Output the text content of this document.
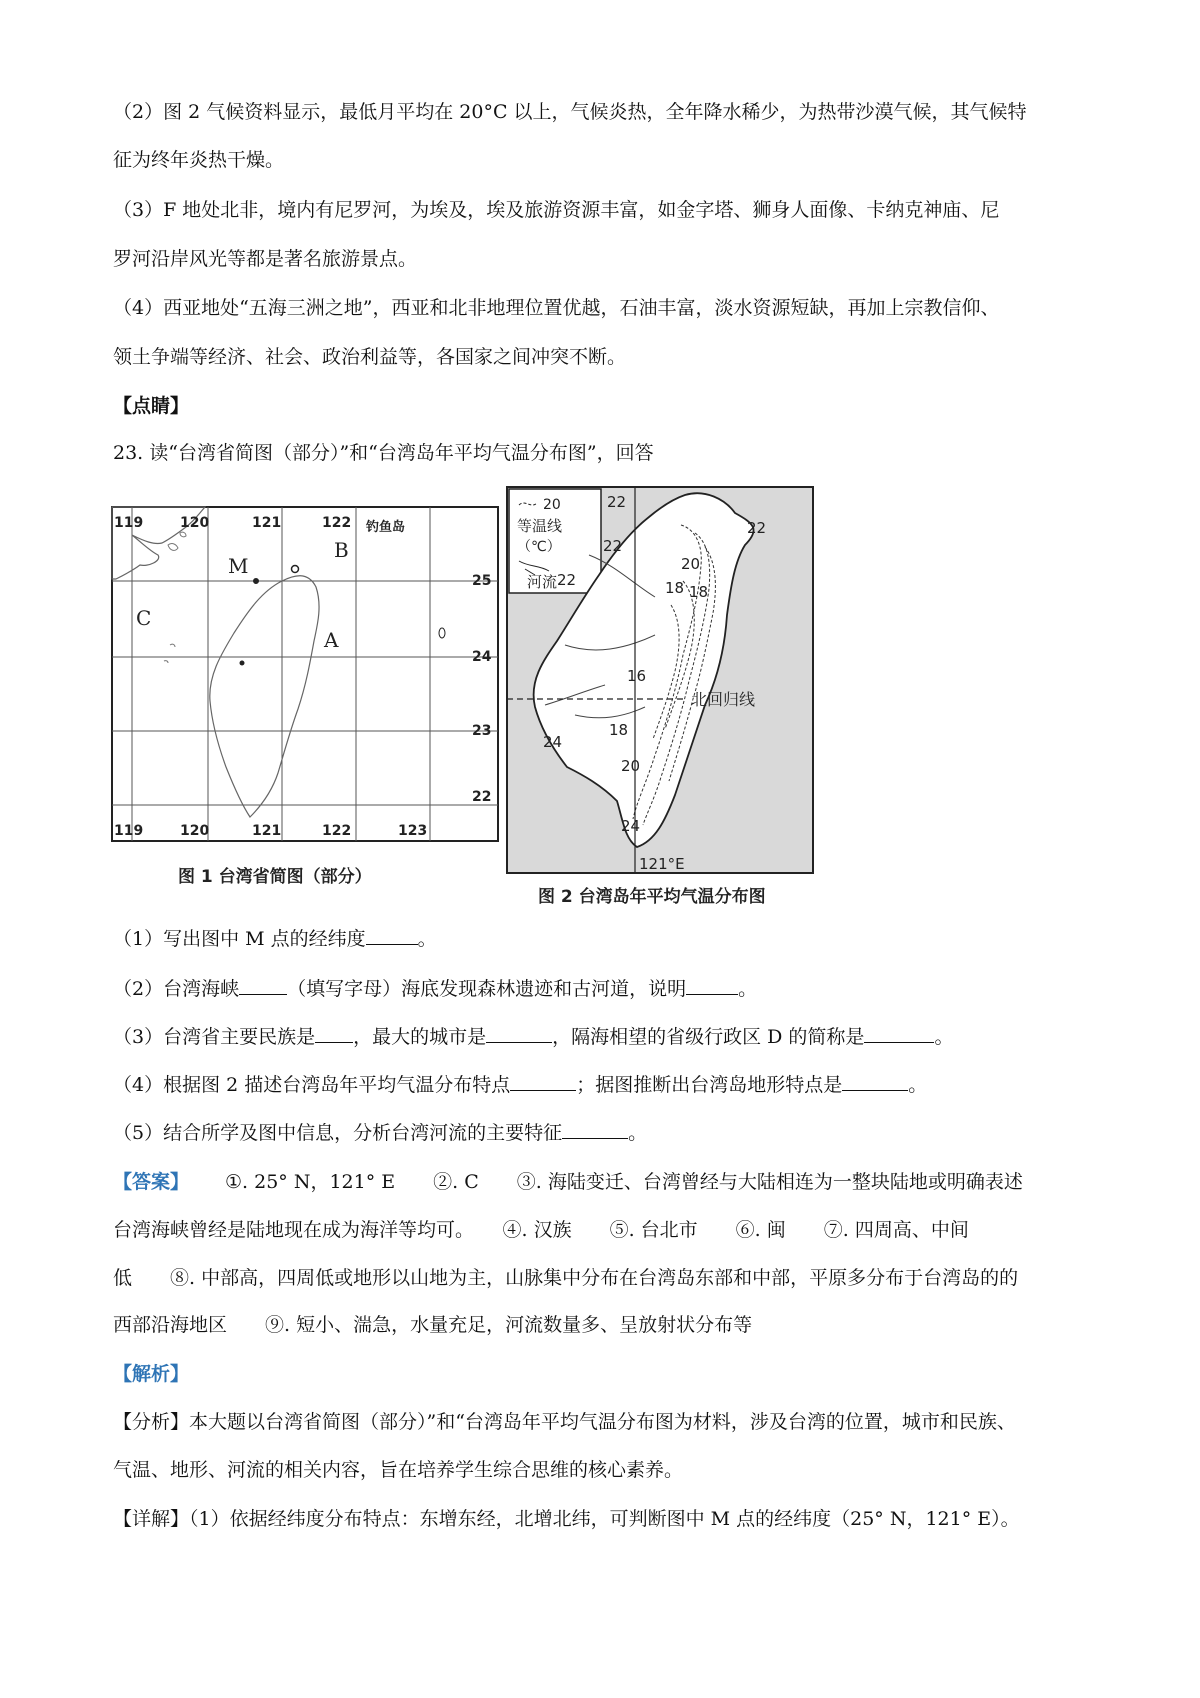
（2）图 2 气候资料显示，最低月平均在 20°C 以上，气候炎热，全年降水稀少，为热带沙漠气候，其气候特
征为终年炎热干燥。
（3）F 地处北非，境内有尼罗河，为埃及，埃及旅游资源丰富，如金字塔、狮身人面像、卡纳克神庙、尼
罗河沿岸风光等都是著名旅游景点。
（4）西亚地处“五海三洲之地”，西亚和北非地理位置优越，石油丰富，淡水资源短缺，再加上宗教信仰、
领土争端等经济、社会、政治利益等，各国家之间冲突不断。
【点睛】
23. 读“台湾省简图（部分）”和“台湾岛年平均气温分布图”，回答
119	120	121	122
119	120	121	122	123
25
24
23
22
钓鱼岛
M
B
C
A
图 1 台湾省简图（部分）
20
等温线
（℃）
河流
北回归线
121°E
22
22
22
22
20
18 18
16
18
20
24
24
图 2 台湾岛年平均气温分布图
（1）写出图中 M 点的经纬度	。
（2）台湾海峡	（填写字母）海底发现森林遗迹和古河道，说明	。
（3）台湾省主要民族是 ，最大的城市是	，隔海相望的省级行政区 D 的简称是	。
（4）根据图 2 描述台湾岛年平均气温分布特点	；据图推断出台湾岛地形特点是	。
（5）结合所学及图中信息，分析台湾河流的主要特征	。
【答案】 ①. 25° N，121° E　　②. C　　③. 海陆变迁、台湾曾经与大陆相连为一整块陆地或明确表述
台湾海峡曾经是陆地现在成为海洋等均可。　　④. 汉族　　⑤. 台北市　　⑥. 闽　　⑦. 四周高、中间
低　　⑧. 中部高，四周低或地形以山地为主，山脉集中分布在台湾岛东部和中部，平原多分布于台湾岛的的
西部沿海地区　　⑨. 短小、湍急，水量充足，河流数量多、呈放射状分布等
【解析】
【分析】本大题以台湾省简图（部分）”和“台湾岛年平均气温分布图为材料，涉及台湾的位置，城市和民族、
气温、地形、河流的相关内容，旨在培养学生综合思维的核心素养。
【详解】（1）依据经纬度分布特点：东增东经，北增北纬，可判断图中 M 点的经纬度（25° N，121° E）。
